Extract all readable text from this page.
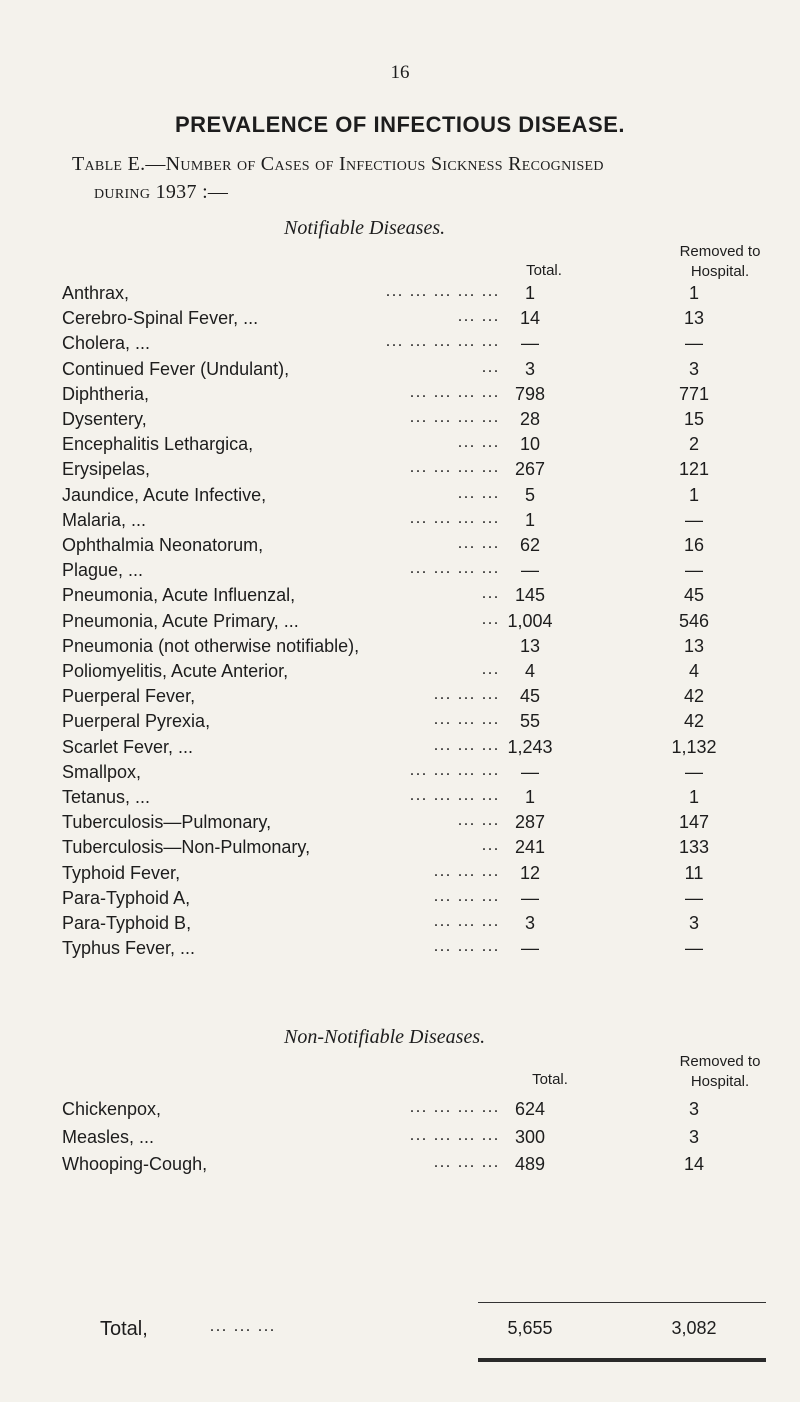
16
PREVALENCE OF INFECTIOUS DISEASE.
Table E.—Number of Cases of Infectious Sickness Recognised
during 1937 :—
Notifiable Diseases.
Total.
Removed to
Hospital.
Anthrax,	... ... ... ... ...	1	1
Cerebro-Spinal Fever, ...	... ...	14	13
Cholera, ...	... ... ... ... ...	—	—
Continued Fever (Undulant),	...	3	3
Diphtheria,	... ... ... ... 798	771
Dysentery,	... ... ... ...	28	15
Encephalitis Lethargica,	... ...	10	2
Erysipelas,	... ... ... ... 267	121
Jaundice, Acute Infective,	... ...	5	1
Malaria, ...	... ... ... ...	1	—
Ophthalmia Neonatorum,	... ...	62	16
Plague, ...	... ... ... ...	—	—
Pneumonia, Acute Influenzal,	... 145	45
Pneumonia, Acute Primary, ...	... 1,004	546
Pneumonia (not otherwise notifiable),	13	13
Poliomyelitis, Acute Anterior,	...	4	4
Puerperal Fever,	... ... ...	45	42
Puerperal Pyrexia,	... ... ...	55	42
Scarlet Fever, ...	... ... ... 1,243	1,132
Smallpox,	... ... ... ...	—	—
Tetanus, ...	... ... ... ...	1	1
Tuberculosis—Pulmonary,	... ... 287	147
Tuberculosis—Non-Pulmonary,	... 241	133
Typhoid Fever,	... ... ...	12	11
Para-Typhoid A,	... ... ...	—	—
Para-Typhoid B,	... ... ...	3	3
Typhus Fever, ...	... ... ...	—	—
Non-Notifiable Diseases.
Total.
Removed to
Hospital.
Chickenpox,	... ... ... ... 624	3
Measles, ...	... ... ... ... 300	3
Whooping-Cough,	... ... ... 489	14
Total,	... ... ...	5,655	3,082
